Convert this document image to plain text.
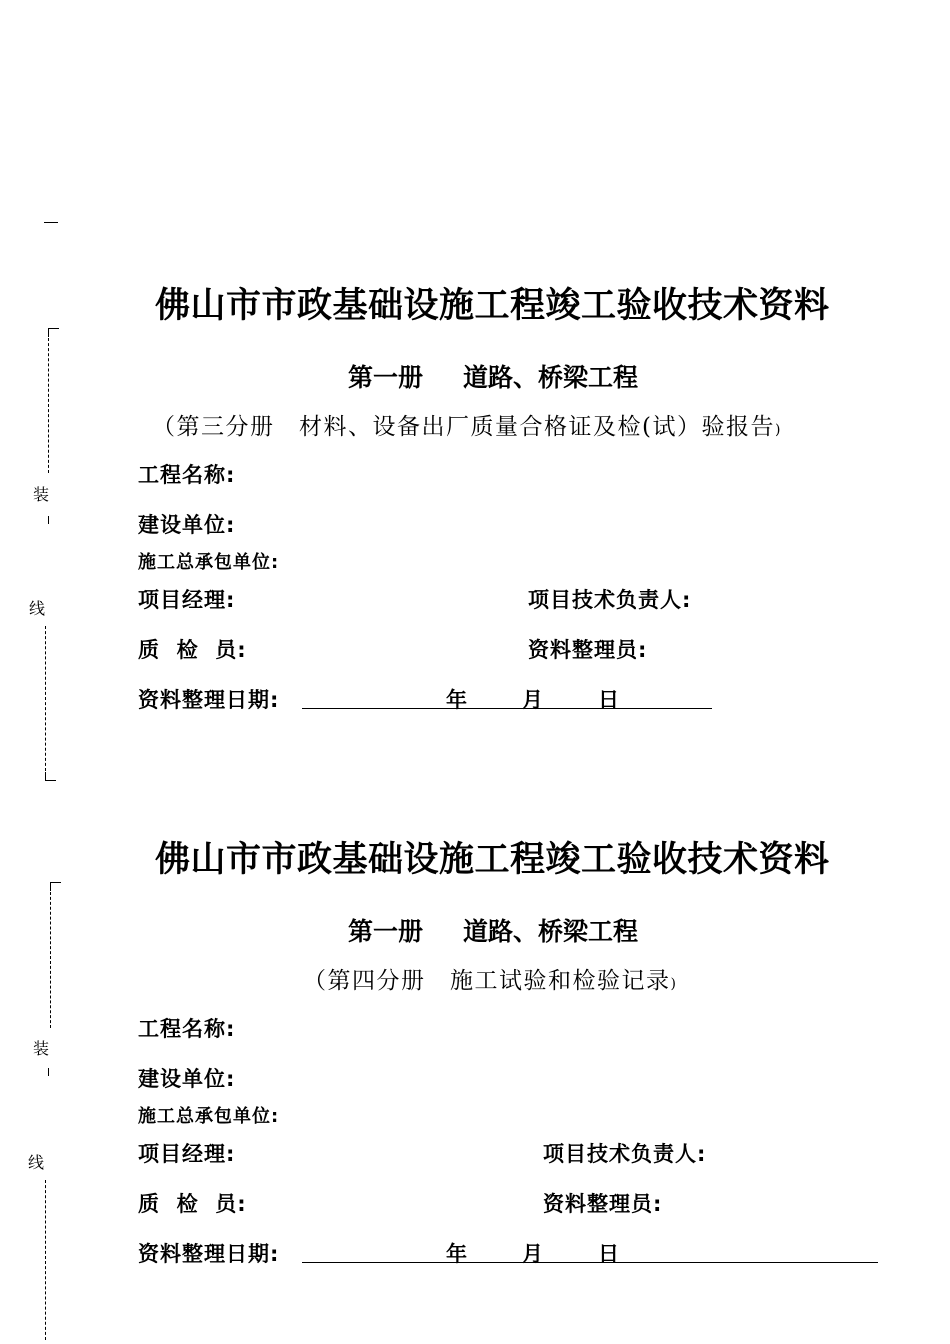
装
线
装
线
佛山市市政基础设施工程竣工验收技术资料
第一册 道路、桥梁工程
（第三分册　材料、设备出厂质量合格证及检(试）验报告)
工程名称:
建设单位:
施工总承包单位:
项目经理:	项目技术负责人:
质  检  员:	资料整理员:
资料整理日期:	年	月	日
佛山市市政基础设施工程竣工验收技术资料
第一册 道路、桥梁工程
（第四分册　施工试验和检验记录)
工程名称:
建设单位:
施工总承包单位:
项目经理:	项目技术负责人:
质  检  员:	资料整理员:
资料整理日期:	年	月	日
